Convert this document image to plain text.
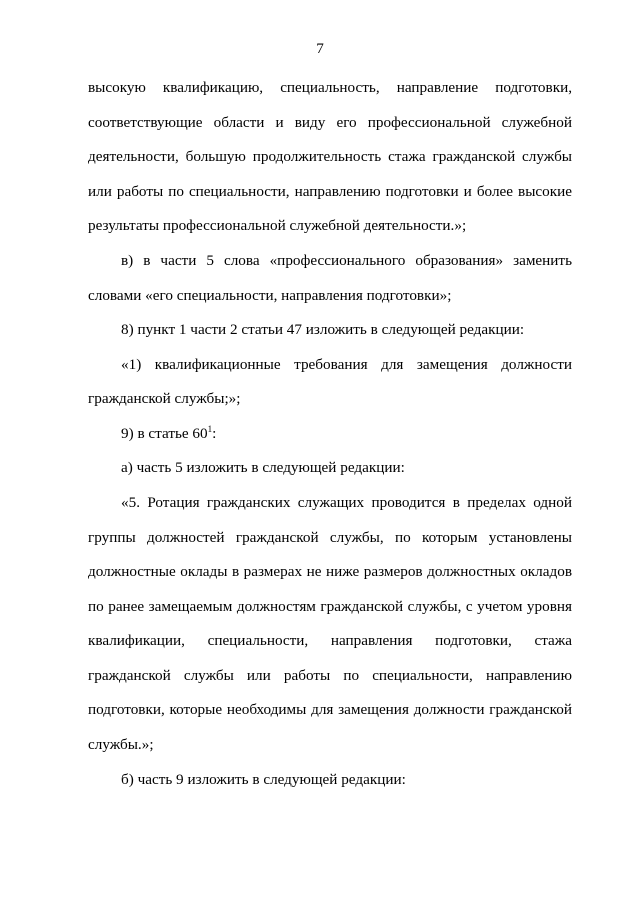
7
высокую квалификацию, специальность, направление подготовки,
соответствующие области и виду его профессиональной служебной
деятельности, большую продолжительность стажа гражданской службы
или работы по специальности, направлению подготовки и более высокие
результаты профессиональной служебной деятельности.»;
в) в части 5 слова «профессионального образования» заменить
словами «его специальности, направления подготовки»;
8) пункт 1 части 2 статьи 47 изложить в следующей редакции:
«1) квалификационные требования для замещения должности
гражданской службы;»;
9) в статье $60^1$:
а) часть 5 изложить в следующей редакции:
«5. Ротация гражданских служащих проводится в пределах одной
группы должностей гражданской службы, по которым установлены
должностные оклады в размерах не ниже размеров должностных окладов
по ранее замещаемым должностям гражданской службы, с учетом уровня
квалификации, специальности, направления подготовки, стажа
гражданской службы или работы по специальности, направлению
подготовки, которые необходимы для замещения должности гражданской
службы.»;
б) часть 9 изложить в следующей редакции:
